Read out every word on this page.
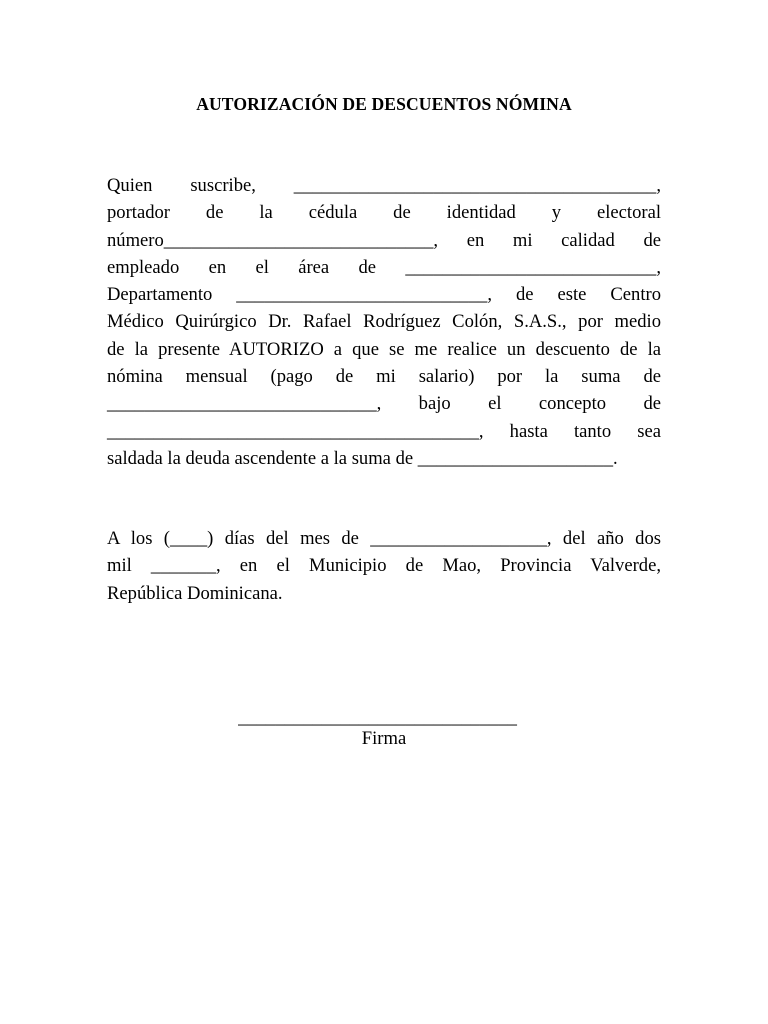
AUTORIZACIÓN DE DESCUENTOS NÓMINA
Quien suscribe, _______________________________________,
portador de la cédula de identidad y electoral
número_____________________________, en mi calidad de
empleado en el área de ___________________________,
Departamento ___________________________, de este Centro
Médico Quirúrgico Dr. Rafael Rodríguez Colón, S.A.S., por medio
de la presente AUTORIZO a que se me realice un descuento de la
nómina mensual (pago de mi salario) por la suma de
_____________________________, bajo el concepto de
________________________________________, hasta tanto sea
saldada la deuda ascendente a la suma de _____________________.
A los (____) días del mes de ___________________, del año dos
mil _______, en el Municipio de Mao, Provincia Valverde,
República Dominicana.
______________________________
Firma
